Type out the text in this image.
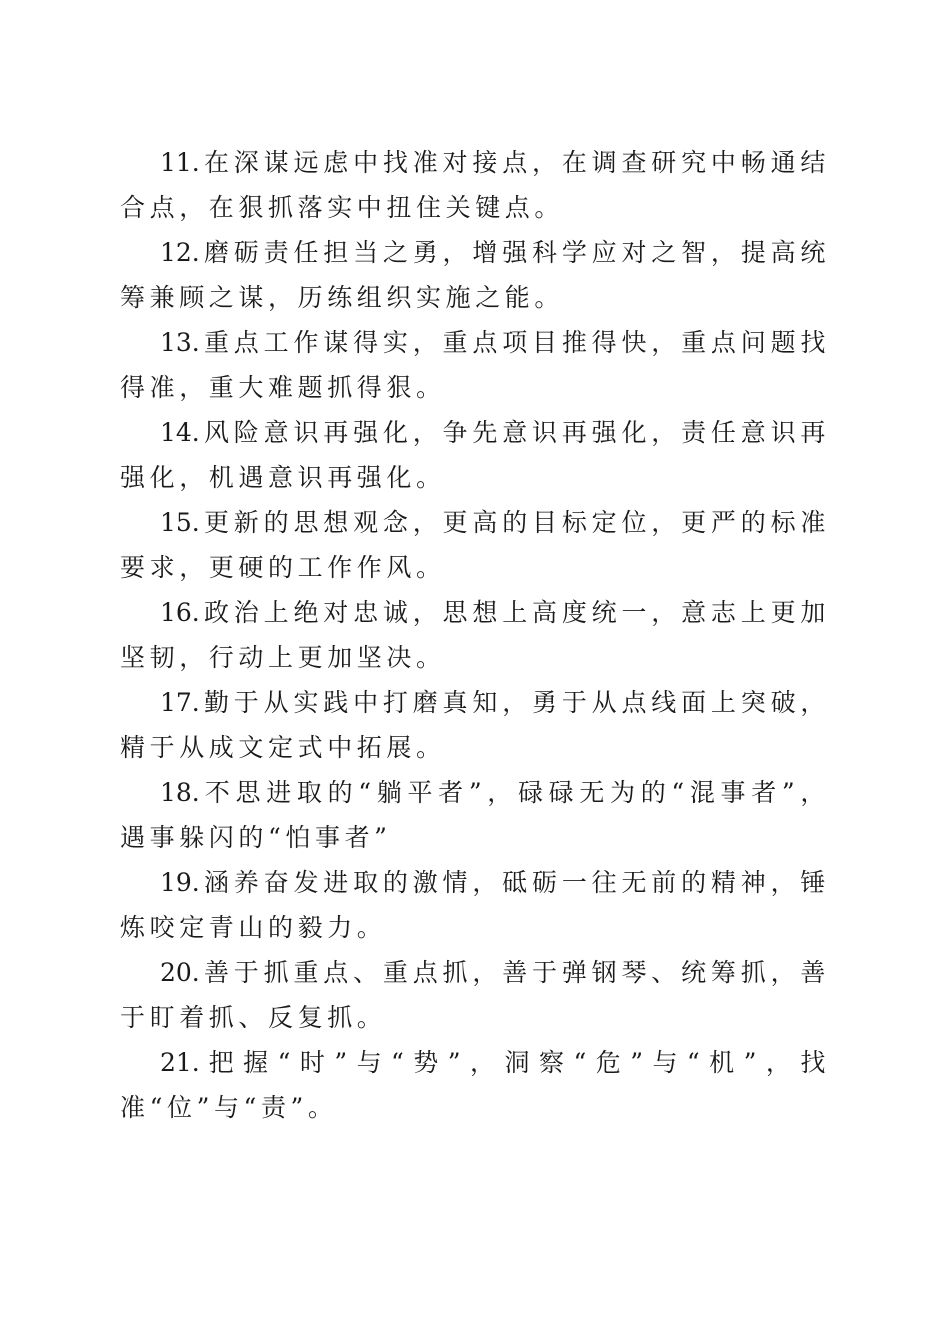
11. 在深谋远虑中找准对接点，在调查研究中畅通结合点，在狠抓落实中扭住关键点。

12. 磨砺责任担当之勇，增强科学应对之智，提高统筹兼顾之谋，历练组织实施之能。

13. 重点工作谋得实，重点项目推得快，重点问题找得准，重大难题抓得狠。

14. 风险意识再强化，争先意识再强化，责任意识再强化，机遇意识再强化。

15. 更新的思想观念，更高的目标定位，更严的标准要求，更硬的工作作风。

16. 政治上绝对忠诚，思想上高度统一，意志上更加坚韧，行动上更加坚决。

17. 勤于从实践中打磨真知，勇于从点线面上突破，精于从成文定式中拓展。

18. 不思进取的“躺平者”，碌碌无为的“混事者”，遇事躲闪的“怕事者”

19. 涵养奋发进取的激情，砥砺一往无前的精神，锤炼咬定青山的毅力。

20. 善于抓重点、重点抓，善于弹钢琴、统筹抓，善于盯着抓、反复抓。

21. 把握“时”与“势”，洞察“危”与“机”，找准“位”与“责”。
